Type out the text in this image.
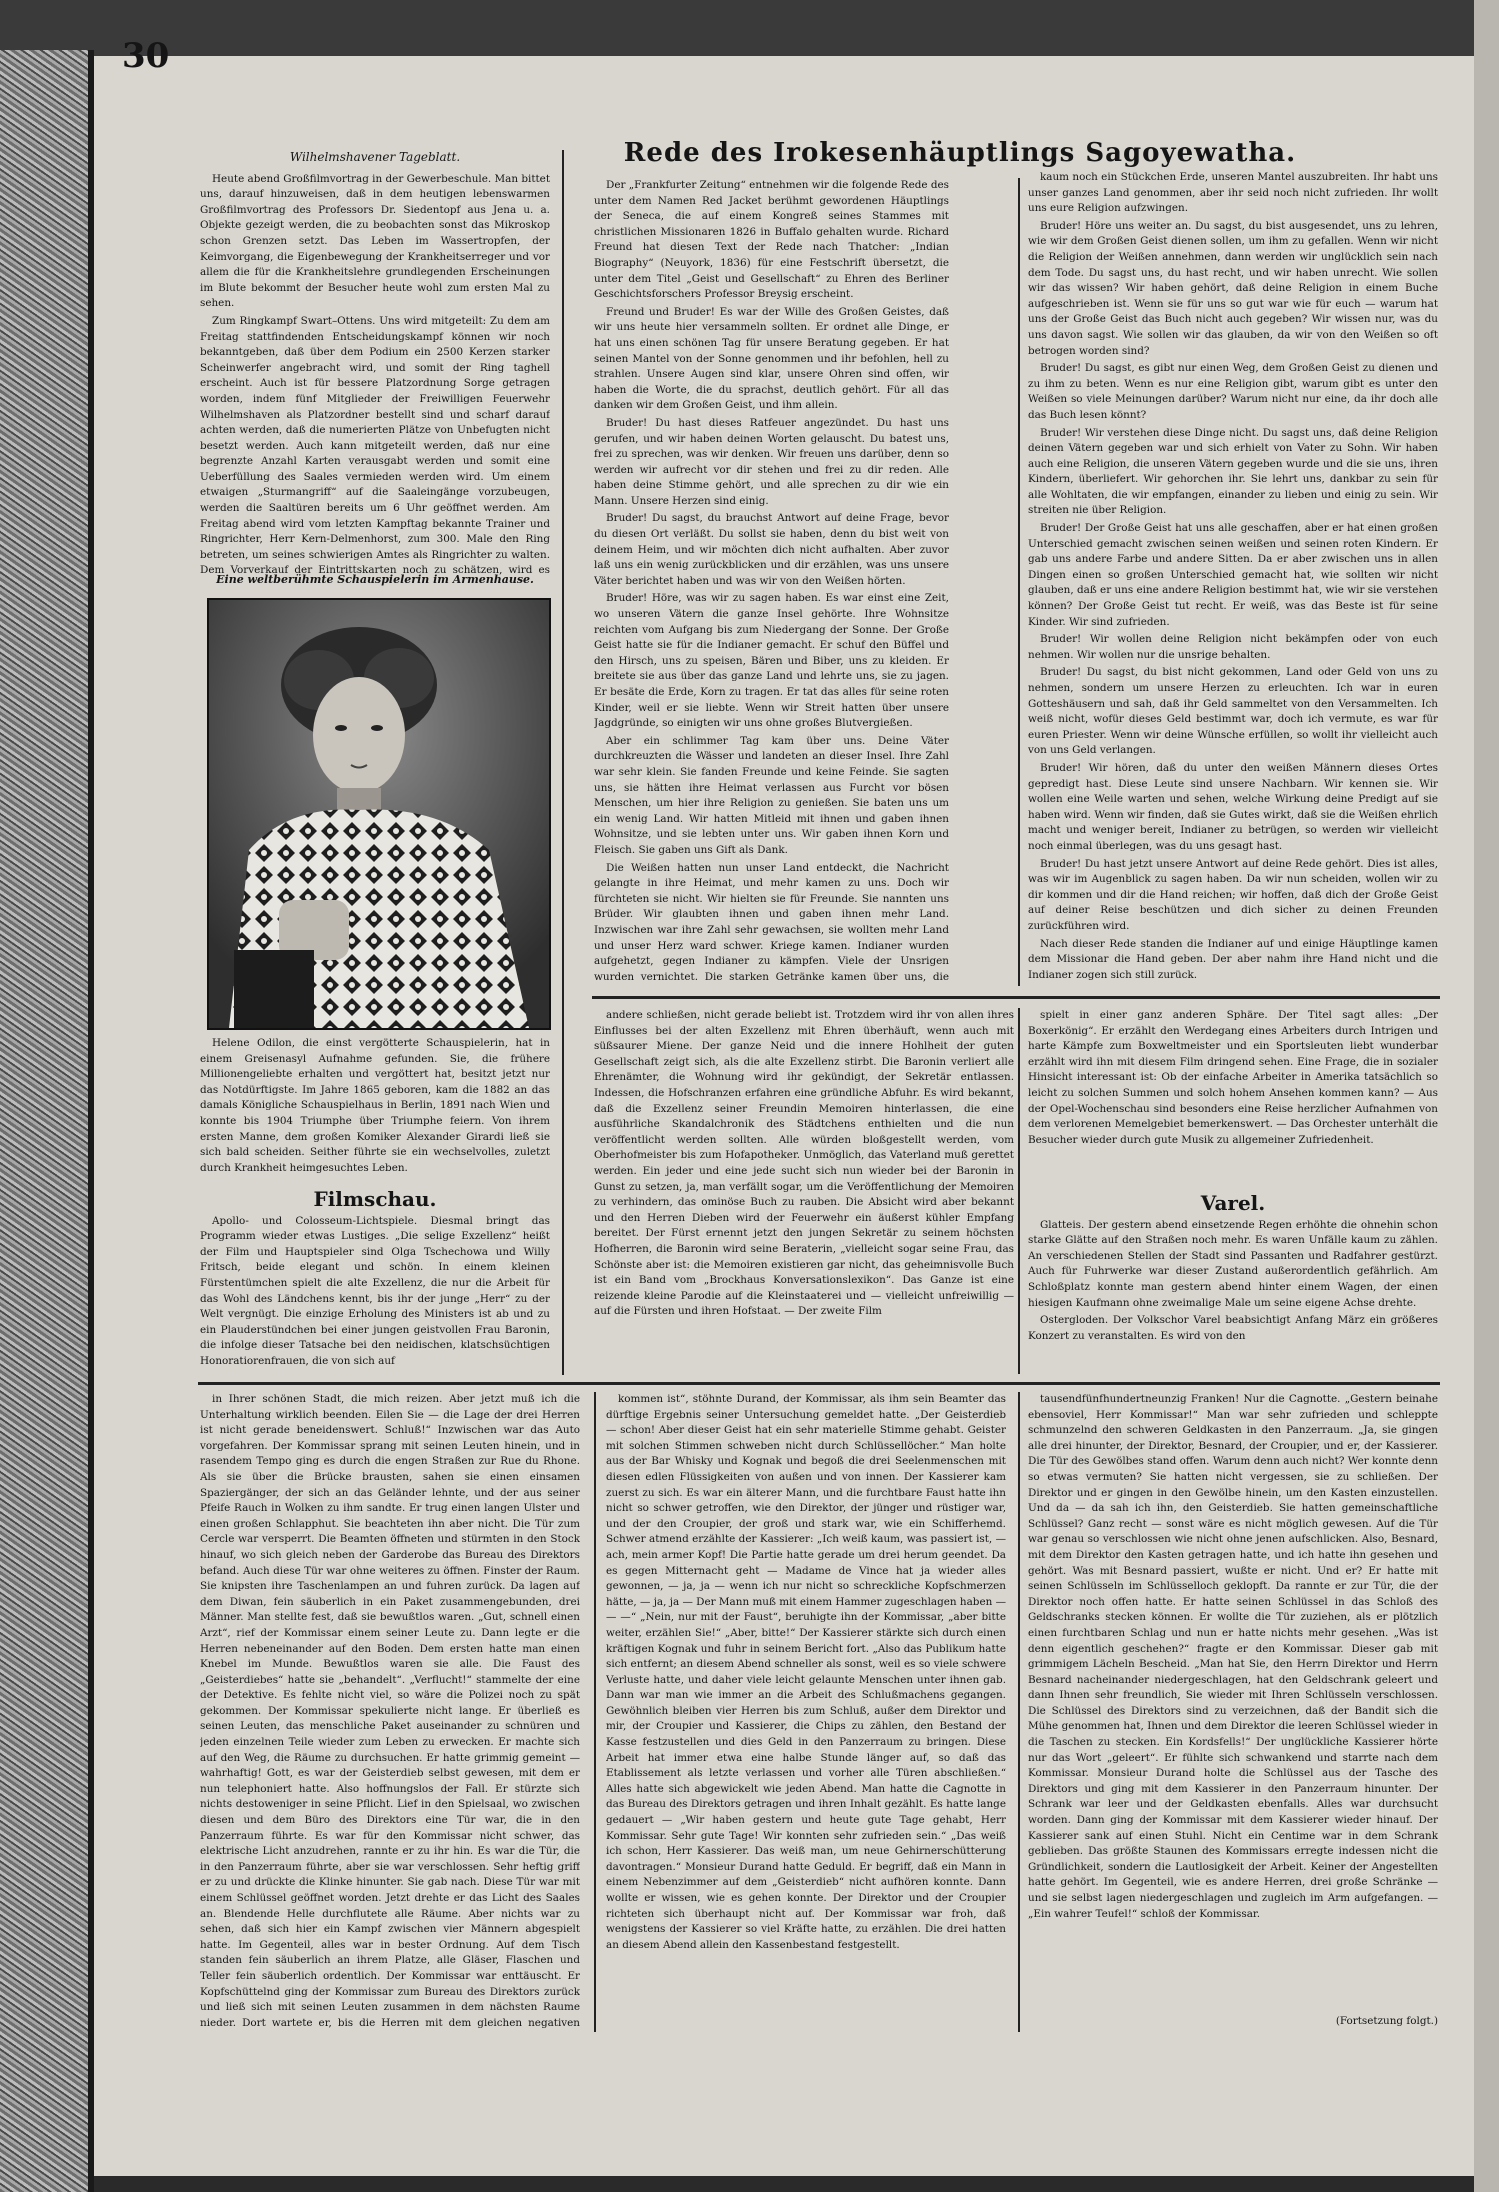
30
Wilhelmshavener Tageblatt.

Heute abend Großfilmvortrag in der Gewerbeschule. Man bittet uns, darauf hinzuweisen, daß in dem heutigen lebenswarmen Großfilmvortrag des Professors Dr. Siedentopf aus Jena u. a. Objekte gezeigt werden, die zu beobachten sonst das Mikroskop schon Grenzen setzt. Das Leben im Wassertropfen, der Keimvorgang, die Eigenbewegung der Krankheitserreger und vor allem die für die Krankheitslehre grundlegenden Erscheinungen im Blute bekommt der Besucher heute wohl zum ersten Mal zu sehen.

Zum Ringkampf Swart–Ottens. Uns wird mitgeteilt: Zu dem am Freitag stattfindenden Entscheidungskampf können wir noch bekanntgeben, daß über dem Podium ein 2500 Kerzen starker Scheinwerfer angebracht wird, und somit der Ring taghell erscheint. Auch ist für bessere Platzordnung Sorge getragen worden, indem fünf Mitglieder der Freiwilligen Feuerwehr Wilhelmshaven als Platzordner bestellt sind und scharf darauf achten werden, daß die numerierten Plätze von Unbefugten nicht besetzt werden. Auch kann mitgeteilt werden, daß nur eine begrenzte Anzahl Karten verausgabt werden und somit eine Ueberfüllung des Saales vermieden werden wird. Um einem etwaigen „Sturmangriff“ auf die Saaleingänge vorzubeugen, werden die Saaltüren bereits um 6 Uhr geöffnet werden. Am Freitag abend wird vom letzten Kampftag bekannte Trainer und Ringrichter, Herr Kern-Delmenhorst, zum 300. Male den Ring betreten, um seines schwierigen Amtes als Ringrichter zu walten. Dem Vorverkauf der Eintrittskarten noch zu schätzen, wird es

Eine weltberühmte Schauspielerin im Armenhause.

Helene Odilon, die einst vergötterte Schauspielerin, hat in einem Greisenasyl Aufnahme gefunden. Sie, die frühere Millionengeliebte erhalten und vergöttert hat, besitzt jetzt nur das Notdürftigste. Im Jahre 1865 geboren, kam die 1882 an das damals Königliche Schauspielhaus in Berlin, 1891 nach Wien und konnte bis 1904 Triumphe über Triumphe feiern. Von ihrem ersten Manne, dem großen Komiker Alexander Girardi ließ sie sich bald scheiden. Seither führte sie ein wechselvolles, zuletzt durch Krankheit heimgesuchtes Leben.

Filmschau.

Apollo- und Colosseum-Lichtspiele. Diesmal bringt das Programm wieder etwas Lustiges. „Die selige Exzellenz“ heißt der Film und Hauptspieler sind Olga Tschechowa und Willy Fritsch, beide elegant und schön. In einem kleinen Fürstentümchen spielt die alte Exzellenz, die nur die Arbeit für das Wohl des Ländchens kennt, bis ihr der junge „Herr“ zu der Welt vergnügt. Die einzige Erholung des Ministers ist ab und zu ein Plauderstündchen bei einer jungen geistvollen Frau Baronin, die infolge dieser Tatsache bei den neidischen, klatschsüchtigen Honoratiorenfrauen, die von sich auf

Rede des Irokesenhäuptlings Sagoyewatha.

Der „Frankfurter Zeitung“ entnehmen wir die folgende Rede des unter dem Namen Red Jacket berühmt gewordenen Häuptlings der Seneca, die auf einem Kongreß seines Stammes mit christlichen Missionaren 1826 in Buffalo gehalten wurde. Richard Freund hat diesen Text der Rede nach Thatcher: „Indian Biography“ (Neuyork, 1836) für eine Festschrift übersetzt, die unter dem Titel „Geist und Gesellschaft“ zu Ehren des Berliner Geschichtsforschers Professor Breysig erscheint.

Freund und Bruder! Es war der Wille des Großen Geistes, daß wir uns heute hier versammeln sollten. Er ordnet alle Dinge, er hat uns einen schönen Tag für unsere Beratung gegeben. Er hat seinen Mantel von der Sonne genommen und ihr befohlen, hell zu strahlen. Unsere Augen sind klar, unsere Ohren sind offen, wir haben die Worte, die du sprachst, deutlich gehört. Für all das danken wir dem Großen Geist, und ihm allein.

Bruder! Du hast dieses Ratfeuer angezündet. Du hast uns gerufen, und wir haben deinen Worten gelauscht. Du batest uns, frei zu sprechen, was wir denken. Wir freuen uns darüber, denn so werden wir aufrecht vor dir stehen und frei zu dir reden. Alle haben deine Stimme gehört, und alle sprechen zu dir wie ein Mann. Unsere Herzen sind einig.

Bruder! Du sagst, du brauchst Antwort auf deine Frage, bevor du diesen Ort verläßt. Du sollst sie haben, denn du bist weit von deinem Heim, und wir möchten dich nicht aufhalten. Aber zuvor laß uns ein wenig zurückblicken und dir erzählen, was uns unsere Väter berichtet haben und was wir von den Weißen hörten.

Bruder! Höre, was wir zu sagen haben. Es war einst eine Zeit, wo unseren Vätern die ganze Insel gehörte. Ihre Wohnsitze reichten vom Aufgang bis zum Niedergang der Sonne. Der Große Geist hatte sie für die Indianer gemacht. Er schuf den Büffel und den Hirsch, uns zu speisen, Bären und Biber, uns zu kleiden. Er breitete sie aus über das ganze Land und lehrte uns, sie zu jagen. Er besäte die Erde, Korn zu tragen. Er tat das alles für seine roten Kinder, weil er sie liebte. Wenn wir Streit hatten über unsere Jagdgründe, so einigten wir uns ohne großes Blutvergießen.

Aber ein schlimmer Tag kam über uns. Deine Väter durchkreuzten die Wässer und landeten an dieser Insel. Ihre Zahl war sehr klein. Sie fanden Freunde und keine Feinde. Sie sagten uns, sie hätten ihre Heimat verlassen aus Furcht vor bösen Menschen, um hier ihre Religion zu genießen. Sie baten uns um ein wenig Land. Wir hatten Mitleid mit ihnen und gaben ihnen Wohnsitze, und sie lebten unter uns. Wir gaben ihnen Korn und Fleisch. Sie gaben uns Gift als Dank.

Die Weißen hatten nun unser Land entdeckt, die Nachricht gelangte in ihre Heimat, und mehr kamen zu uns. Doch wir fürchteten sie nicht. Wir hielten sie für Freunde. Sie nannten uns Brüder. Wir glaubten ihnen und gaben ihnen mehr Land. Inzwischen war ihre Zahl sehr gewachsen, sie wollten mehr Land und unser Herz ward schwer. Kriege kamen. Indianer wurden aufgehetzt, gegen Indianer zu kämpfen. Viele der Unsrigen wurden vernichtet. Die starken Getränke kamen über uns, die

kaum noch ein Stückchen Erde, unseren Mantel auszubreiten. Ihr habt uns unser ganzes Land genommen, aber ihr seid noch nicht zufrieden. Ihr wollt uns eure Religion aufzwingen.

Bruder! Höre uns weiter an. Du sagst, du bist ausgesendet, uns zu lehren, wie wir dem Großen Geist dienen sollen, um ihm zu gefallen. Wenn wir nicht die Religion der Weißen annehmen, dann werden wir unglücklich sein nach dem Tode. Du sagst uns, du hast recht, und wir haben unrecht. Wie sollen wir das wissen? Wir haben gehört, daß deine Religion in einem Buche aufgeschrieben ist. Wenn sie für uns so gut war wie für euch — warum hat uns der Große Geist das Buch nicht auch gegeben? Wir wissen nur, was du uns davon sagst. Wie sollen wir das glauben, da wir von den Weißen so oft betrogen worden sind?

Bruder! Du sagst, es gibt nur einen Weg, dem Großen Geist zu dienen und zu ihm zu beten. Wenn es nur eine Religion gibt, warum gibt es unter den Weißen so viele Meinungen darüber? Warum nicht nur eine, da ihr doch alle das Buch lesen könnt?

Bruder! Wir verstehen diese Dinge nicht. Du sagst uns, daß deine Religion deinen Vätern gegeben war und sich erhielt von Vater zu Sohn. Wir haben auch eine Religion, die unseren Vätern gegeben wurde und die sie uns, ihren Kindern, überliefert. Wir gehorchen ihr. Sie lehrt uns, dankbar zu sein für alle Wohltaten, die wir empfangen, einander zu lieben und einig zu sein. Wir streiten nie über Religion.

Bruder! Der Große Geist hat uns alle geschaffen, aber er hat einen großen Unterschied gemacht zwischen seinen weißen und seinen roten Kindern. Er gab uns andere Farbe und andere Sitten. Da er aber zwischen uns in allen Dingen einen so großen Unterschied gemacht hat, wie sollten wir nicht glauben, daß er uns eine andere Religion bestimmt hat, wie wir sie verstehen können? Der Große Geist tut recht. Er weiß, was das Beste ist für seine Kinder. Wir sind zufrieden.

Bruder! Wir wollen deine Religion nicht bekämpfen oder von euch nehmen. Wir wollen nur die unsrige behalten.

Bruder! Du sagst, du bist nicht gekommen, Land oder Geld von uns zu nehmen, sondern um unsere Herzen zu erleuchten. Ich war in euren Gotteshäusern und sah, daß ihr Geld sammeltet von den Versammelten. Ich weiß nicht, wofür dieses Geld bestimmt war, doch ich vermute, es war für euren Priester. Wenn wir deine Wünsche erfüllen, so wollt ihr vielleicht auch von uns Geld verlangen.

Bruder! Wir hören, daß du unter den weißen Männern dieses Ortes gepredigt hast. Diese Leute sind unsere Nachbarn. Wir kennen sie. Wir wollen eine Weile warten und sehen, welche Wirkung deine Predigt auf sie haben wird. Wenn wir finden, daß sie Gutes wirkt, daß sie die Weißen ehrlich macht und weniger bereit, Indianer zu betrügen, so werden wir vielleicht noch einmal überlegen, was du uns gesagt hast.

Bruder! Du hast jetzt unsere Antwort auf deine Rede gehört. Dies ist alles, was wir im Augenblick zu sagen haben. Da wir nun scheiden, wollen wir zu dir kommen und dir die Hand reichen; wir hoffen, daß dich der Große Geist auf deiner Reise beschützen und dich sicher zu deinen Freunden zurückführen wird.

Nach dieser Rede standen die Indianer auf und einige Häuptlinge kamen dem Missionar die Hand geben. Der aber nahm ihre Hand nicht und die Indianer zogen sich still zurück.

andere schließen, nicht gerade beliebt ist. Trotzdem wird ihr von allen ihres Einflusses bei der alten Exzellenz mit Ehren überhäuft, wenn auch mit süßsaurer Miene. Der ganze Neid und die innere Hohlheit der guten Gesellschaft zeigt sich, als die alte Exzellenz stirbt. Die Baronin verliert alle Ehrenämter, die Wohnung wird ihr gekündigt, der Sekretär entlassen. Indessen, die Hofschranzen erfahren eine gründliche Abfuhr. Es wird bekannt, daß die Exzellenz seiner Freundin Memoiren hinterlassen, die eine ausführliche Skandalchronik des Städtchens enthielten und die nun veröffentlicht werden sollten. Alle würden bloßgestellt werden, vom Oberhofmeister bis zum Hofapotheker. Unmöglich, das Vaterland muß gerettet werden. Ein jeder und eine jede sucht sich nun wieder bei der Baronin in Gunst zu setzen, ja, man verfällt sogar, um die Veröffentlichung der Memoiren zu verhindern, das ominöse Buch zu rauben. Die Absicht wird aber bekannt und den Herren Dieben wird der Feuerwehr ein äußerst kühler Empfang bereitet. Der Fürst ernennt jetzt den jungen Sekretär zu seinem höchsten Hofherren, die Baronin wird seine Beraterin, „vielleicht sogar seine Frau, das Schönste aber ist: die Memoiren existieren gar nicht, das geheimnisvolle Buch ist ein Band vom „Brockhaus Konversationslexikon“. Das Ganze ist eine reizende kleine Parodie auf die Kleinstaaterei und — vielleicht unfreiwillig — auf die Fürsten und ihren Hofstaat. — Der zweite Film

spielt in einer ganz anderen Sphäre. Der Titel sagt alles: „Der Boxerkönig“. Er erzählt den Werdegang eines Arbeiters durch Intrigen und harte Kämpfe zum Boxweltmeister und ein Sportsleuten liebt wunderbar erzählt wird ihn mit diesem Film dringend sehen. Eine Frage, die in sozialer Hinsicht interessant ist: Ob der einfache Arbeiter in Amerika tatsächlich so leicht zu solchen Summen und solch hohem Ansehen kommen kann? — Aus der Opel-Wochenschau sind besonders eine Reise herzlicher Aufnahmen von dem verlorenen Memelgebiet bemerkenswert. — Das Orchester unterhält die Besucher wieder durch gute Musik zu allgemeiner Zufriedenheit.

Varel.

Glatteis. Der gestern abend einsetzende Regen erhöhte die ohnehin schon starke Glätte auf den Straßen noch mehr. Es waren Unfälle kaum zu zählen. An verschiedenen Stellen der Stadt sind Passanten und Radfahrer gestürzt. Auch für Fuhrwerke war dieser Zustand außerordentlich gefährlich. Am Schloßplatz konnte man gestern abend hinter einem Wagen, der einen hiesigen Kaufmann ohne zweimalige Male um seine eigene Achse drehte.

Ostergloden. Der Volkschor Varel beabsichtigt Anfang März ein größeres Konzert zu veranstalten. Es wird von den

in Ihrer schönen Stadt, die mich reizen. Aber jetzt muß ich die Unterhaltung wirklich beenden. Eilen Sie — die Lage der drei Herren ist nicht gerade beneidenswert. Schluß!“ Inzwischen war das Auto vorgefahren. Der Kommissar sprang mit seinen Leuten hinein, und in rasendem Tempo ging es durch die engen Straßen zur Rue du Rhone. Als sie über die Brücke brausten, sahen sie einen einsamen Spaziergänger, der sich an das Geländer lehnte, und der aus seiner Pfeife Rauch in Wolken zu ihm sandte. Er trug einen langen Ulster und einen großen Schlapphut. Sie beachteten ihn aber nicht. Die Tür zum Cercle war versperrt. Die Beamten öffneten und stürmten in den Stock hinauf, wo sich gleich neben der Garderobe das Bureau des Direktors befand. Auch diese Tür war ohne weiteres zu öffnen. Finster der Raum. Sie knipsten ihre Taschenlampen an und fuhren zurück. Da lagen auf dem Diwan, fein säuberlich in ein Paket zusammengebunden, drei Männer. Man stellte fest, daß sie bewußtlos waren. „Gut, schnell einen Arzt“, rief der Kommissar einem seiner Leute zu. Dann legte er die Herren nebeneinander auf den Boden. Dem ersten hatte man einen Knebel im Munde. Bewußtlos waren sie alle. Die Faust des „Geisterdiebes“ hatte sie „behandelt“. „Verflucht!“ stammelte der eine der Detektive. Es fehlte nicht viel, so wäre die Polizei noch zu spät gekommen. Der Kommissar spekulierte nicht lange. Er überließ es seinen Leuten, das menschliche Paket auseinander zu schnüren und jeden einzelnen Teile wieder zum Leben zu erwecken. Er machte sich auf den Weg, die Räume zu durchsuchen. Er hatte grimmig gemeint — wahrhaftig! Gott, es war der Geisterdieb selbst gewesen, mit dem er nun telephoniert hatte. Also hoffnungslos der Fall. Er stürzte sich nichts destoweniger in seine Pflicht. Lief in den Spielsaal, wo zwischen diesen und dem Büro des Direktors eine Tür war, die in den Panzerraum führte. Es war für den Kommissar nicht schwer, das elektrische Licht anzudrehen, rannte er zu ihr hin. Es war die Tür, die in den Panzerraum führte, aber sie war verschlossen. Sehr heftig griff er zu und drückte die Klinke hinunter. Sie gab nach. Diese Tür war mit einem Schlüssel geöffnet worden. Jetzt drehte er das Licht des Saales an. Blendende Helle durchflutete alle Räume. Aber nichts war zu sehen, daß sich hier ein Kampf zwischen vier Männern abgespielt hatte. Im Gegenteil, alles war in bester Ordnung. Auf dem Tisch standen fein säuberlich an ihrem Platze, alle Gläser, Flaschen und Teller fein säuberlich ordentlich. Der Kommissar war enttäuscht. Er Kopfschüttelnd ging der Kommissar zum Bureau des Direktors zurück und ließ sich mit seinen Leuten zusammen in dem nächsten Raume nieder. Dort wartete er, bis die Herren mit dem gleichen negativen

kommen ist“, stöhnte Durand, der Kommissar, als ihm sein Beamter das dürftige Ergebnis seiner Untersuchung gemeldet hatte. „Der Geisterdieb — schon! Aber dieser Geist hat ein sehr materielle Stimme gehabt. Geister mit solchen Stimmen schweben nicht durch Schlüssellöcher.“ Man holte aus der Bar Whisky und Kognak und begoß die drei Seelenmenschen mit diesen edlen Flüssigkeiten von außen und von innen. Der Kassierer kam zuerst zu sich. Es war ein älterer Mann, und die furchtbare Faust hatte ihn nicht so schwer getroffen, wie den Direktor, der jünger und rüstiger war, und der den Croupier, der groß und stark war, wie ein Schifferhemd. Schwer atmend erzählte der Kassierer: „Ich weiß kaum, was passiert ist, — ach, mein armer Kopf! Die Partie hatte gerade um drei herum geendet. Da es gegen Mitternacht geht — Madame de Vince hat ja wieder alles gewonnen, — ja, ja — wenn ich nur nicht so schreckliche Kopfschmerzen hätte, — ja, ja — Der Mann muß mit einem Hammer zugeschlagen haben — — —“ „Nein, nur mit der Faust“, beruhigte ihn der Kommissar, „aber bitte weiter, erzählen Sie!“ „Aber, bitte!“ Der Kassierer stärkte sich durch einen kräftigen Kognak und fuhr in seinem Bericht fort. „Also das Publikum hatte sich entfernt; an diesem Abend schneller als sonst, weil es so viele schwere Verluste hatte, und daher viele leicht gelaunte Menschen unter ihnen gab. Dann war man wie immer an die Arbeit des Schlußmachens gegangen. Gewöhnlich bleiben vier Herren bis zum Schluß, außer dem Direktor und mir, der Croupier und Kassierer, die Chips zu zählen, den Bestand der Kasse festzustellen und dies Geld in den Panzerraum zu bringen. Diese Arbeit hat immer etwa eine halbe Stunde länger auf, so daß das Etablissement als letzte verlassen und vorher alle Türen abschließen.“ Alles hatte sich abgewickelt wie jeden Abend. Man hatte die Cagnotte in das Bureau des Direktors getragen und ihren Inhalt gezählt. Es hatte lange gedauert — „Wir haben gestern und heute gute Tage gehabt, Herr Kommissar. Sehr gute Tage! Wir konnten sehr zufrieden sein.“ „Das weiß ich schon, Herr Kassierer. Das weiß man, um neue Gehirnerschütterung davontragen.“ Monsieur Durand hatte Geduld. Er begriff, daß ein Mann in einem Nebenzimmer auf dem „Geisterdieb“ nicht aufhören konnte. Dann wollte er wissen, wie es gehen konnte. Der Direktor und der Croupier richteten sich überhaupt nicht auf. Der Kommissar war froh, daß wenigstens der Kassierer so viel Kräfte hatte, zu erzählen. Die drei hatten an diesem Abend allein den Kassenbestand festgestellt.

tausendfünfhundertneunzig Franken! Nur die Cagnotte. „Gestern beinahe ebensoviel, Herr Kommissar!“ Man war sehr zufrieden und schleppte schmunzelnd den schweren Geldkasten in den Panzerraum. „Ja, sie gingen alle drei hinunter, der Direktor, Besnard, der Croupier, und er, der Kassierer. Die Tür des Gewölbes stand offen. Warum denn auch nicht? Wer konnte denn so etwas vermuten? Sie hatten nicht vergessen, sie zu schließen. Der Direktor und er gingen in den Gewölbe hinein, um den Kasten einzustellen. Und da — da sah ich ihn, den Geisterdieb. Sie hatten gemeinschaftliche Schlüssel? Ganz recht — sonst wäre es nicht möglich gewesen. Auf die Tür war genau so verschlossen wie nicht ohne jenen aufschlicken. Also, Besnard, mit dem Direktor den Kasten getragen hatte, und ich hatte ihn gesehen und gehört. Was mit Besnard passiert, wußte er nicht. Und er? Er hatte mit seinen Schlüsseln im Schlüsselloch geklopft. Da rannte er zur Tür, die der Direktor noch offen hatte. Er hatte seinen Schlüssel in das Schloß des Geldschranks stecken können. Er wollte die Tür zuziehen, als er plötzlich einen furchtbaren Schlag und nun er hatte nichts mehr gesehen. „Was ist denn eigentlich geschehen?“ fragte er den Kommissar. Dieser gab mit grimmigem Lächeln Bescheid. „Man hat Sie, den Herrn Direktor und Herrn Besnard nacheinander niedergeschlagen, hat den Geldschrank geleert und dann Ihnen sehr freundlich, Sie wieder mit Ihren Schlüsseln verschlossen. Die Schlüssel des Direktors sind zu verzeichnen, daß der Bandit sich die Mühe genommen hat, Ihnen und dem Direktor die leeren Schlüssel wieder in die Taschen zu stecken. Ein Kordsfells!“ Der unglückliche Kassierer hörte nur das Wort „geleert“. Er fühlte sich schwankend und starrte nach dem Kommissar. Monsieur Durand holte die Schlüssel aus der Tasche des Direktors und ging mit dem Kassierer in den Panzerraum hinunter. Der Schrank war leer und der Geldkasten ebenfalls. Alles war durchsucht worden. Dann ging der Kommissar mit dem Kassierer wieder hinauf. Der Kassierer sank auf einen Stuhl. Nicht ein Centime war in dem Schrank geblieben. Das größte Staunen des Kommissars erregte indessen nicht die Gründlichkeit, sondern die Lautlosigkeit der Arbeit. Keiner der Angestellten hatte gehört. Im Gegenteil, wie es andere Herren, drei große Schränke — und sie selbst lagen niedergeschlagen und zugleich im Arm aufgefangen. — „Ein wahrer Teufel!“ schloß der Kommissar.

(Fortsetzung folgt.)
